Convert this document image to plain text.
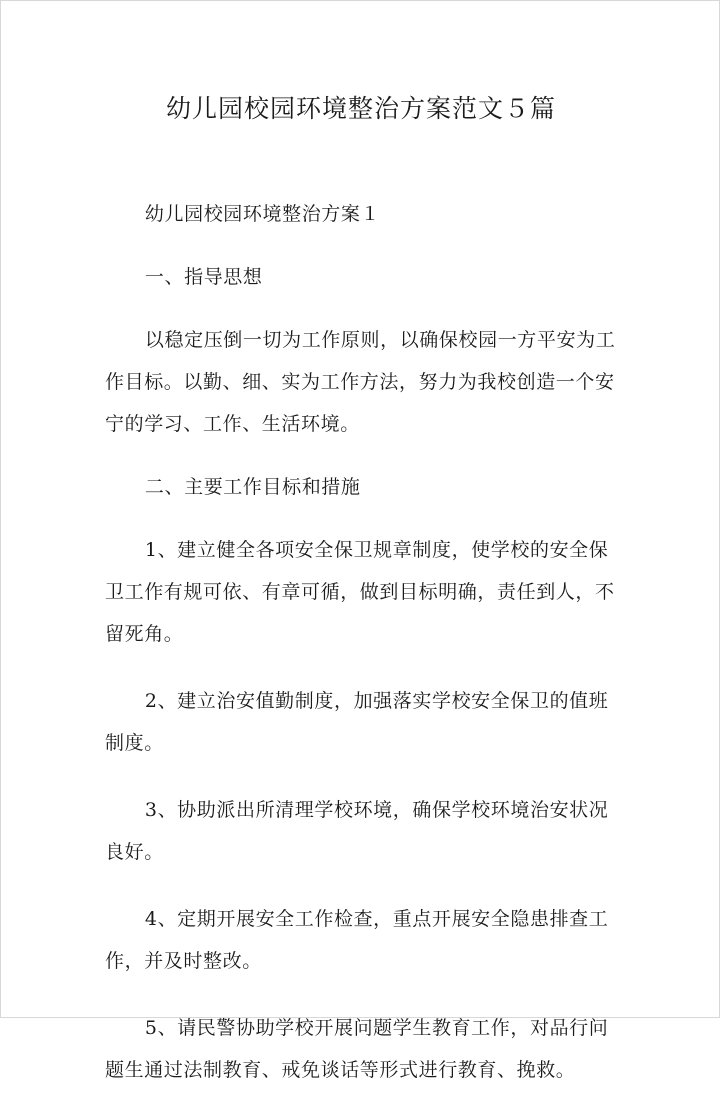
幼儿园校园环境整治方案范文５篇

幼儿园校园环境整治方案１

一、指导思想

以稳定压倒一切为工作原则，以确保校园一方平安为工作目标。以勤、细、实为工作方法，努力为我校创造一个安宁的学习、工作、生活环境。

二、主要工作目标和措施

1、建立健全各项安全保卫规章制度，使学校的安全保卫工作有规可依、有章可循，做到目标明确，责任到人，不留死角。

2、建立治安值勤制度，加强落实学校安全保卫的值班制度。

3、协助派出所清理学校环境，确保学校环境治安状况良好。

4、定期开展安全工作检查，重点开展安全隐患排查工作，并及时整改。

5、请民警协助学校开展问题学生教育工作，对品行问题生通过法制教育、戒免谈话等形式进行教育、挽救。
